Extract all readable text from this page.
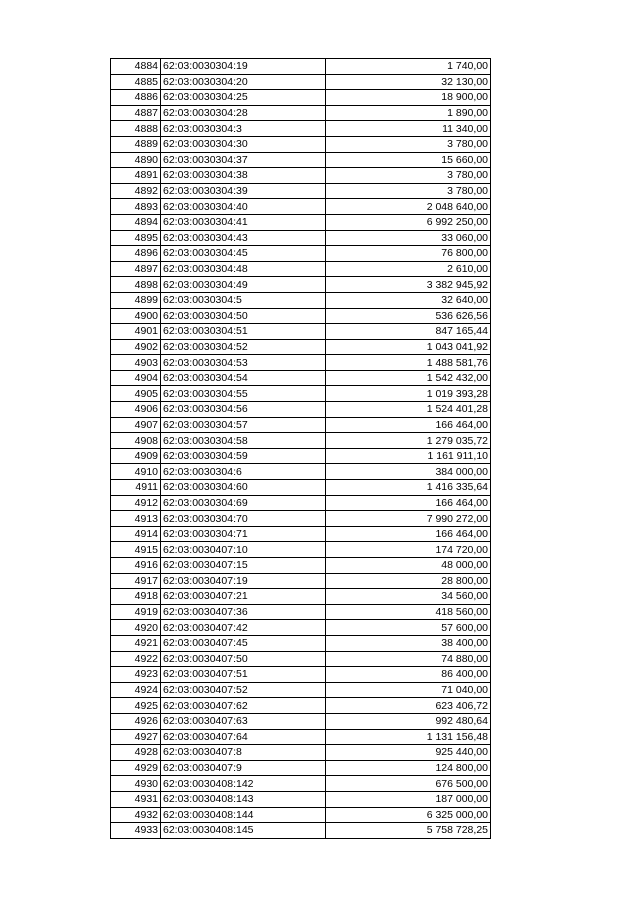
4884	62:03:0030304:19	1 740,00
4885	62:03:0030304:20	32 130,00
4886	62:03:0030304:25	18 900,00
4887	62:03:0030304:28	1 890,00
4888	62:03:0030304:3	11 340,00
4889	62:03:0030304:30	3 780,00
4890	62:03:0030304:37	15 660,00
4891	62:03:0030304:38	3 780,00
4892	62:03:0030304:39	3 780,00
4893	62:03:0030304:40	2 048 640,00
4894	62:03:0030304:41	6 992 250,00
4895	62:03:0030304:43	33 060,00
4896	62:03:0030304:45	76 800,00
4897	62:03:0030304:48	2 610,00
4898	62:03:0030304:49	3 382 945,92
4899	62:03:0030304:5	32 640,00
4900	62:03:0030304:50	536 626,56
4901	62:03:0030304:51	847 165,44
4902	62:03:0030304:52	1 043 041,92
4903	62:03:0030304:53	1 488 581,76
4904	62:03:0030304:54	1 542 432,00
4905	62:03:0030304:55	1 019 393,28
4906	62:03:0030304:56	1 524 401,28
4907	62:03:0030304:57	166 464,00
4908	62:03:0030304:58	1 279 035,72
4909	62:03:0030304:59	1 161 911,10
4910	62:03:0030304:6	384 000,00
4911	62:03:0030304:60	1 416 335,64
4912	62:03:0030304:69	166 464,00
4913	62:03:0030304:70	7 990 272,00
4914	62:03:0030304:71	166 464,00
4915	62:03:0030407:10	174 720,00
4916	62:03:0030407:15	48 000,00
4917	62:03:0030407:19	28 800,00
4918	62:03:0030407:21	34 560,00
4919	62:03:0030407:36	418 560,00
4920	62:03:0030407:42	57 600,00
4921	62:03:0030407:45	38 400,00
4922	62:03:0030407:50	74 880,00
4923	62:03:0030407:51	86 400,00
4924	62:03:0030407:52	71 040,00
4925	62:03:0030407:62	623 406,72
4926	62:03:0030407:63	992 480,64
4927	62:03:0030407:64	1 131 156,48
4928	62:03:0030407:8	925 440,00
4929	62:03:0030407:9	124 800,00
4930	62:03:0030408:142	676 500,00
4931	62:03:0030408:143	187 000,00
4932	62:03:0030408:144	6 325 000,00
4933	62:03:0030408:145	5 758 728,25
